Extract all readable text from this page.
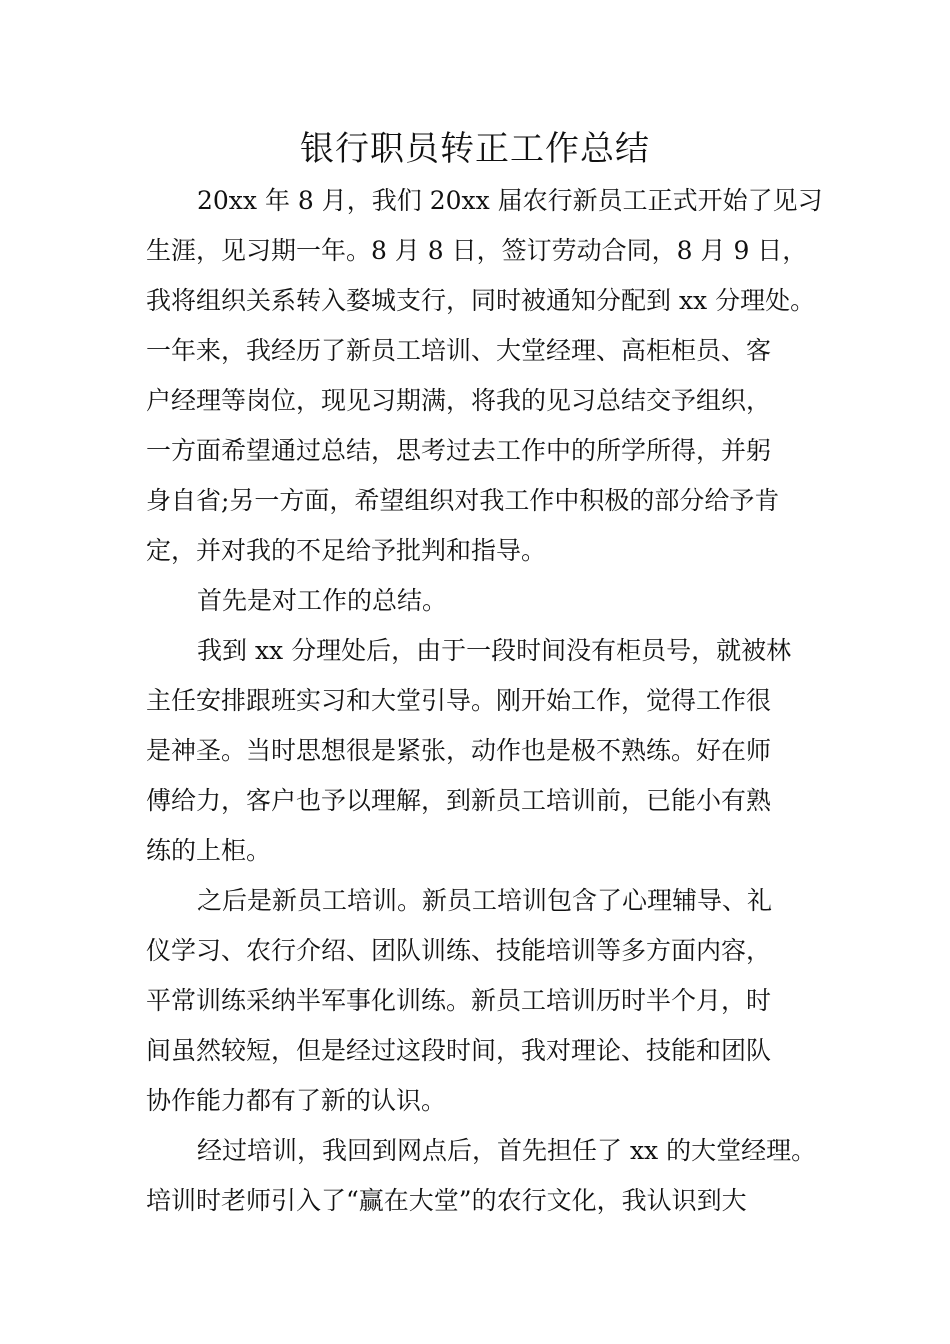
银行职员转正工作总结
20xx 年 8 月，我们 20xx 届农行新员工正式开始了见习
生涯，见习期一年。8 月 8 日，签订劳动合同，8 月 9 日，
我将组织关系转入婺城支行，同时被通知分配到 xx 分理处。
一年来，我经历了新员工培训、大堂经理、高柜柜员、客
户经理等岗位，现见习期满，将我的见习总结交予组织，
一方面希望通过总结，思考过去工作中的所学所得，并躬
身自省;另一方面，希望组织对我工作中积极的部分给予肯
定，并对我的不足给予批判和指导。
首先是对工作的总结。
我到 xx 分理处后，由于一段时间没有柜员号，就被林
主任安排跟班实习和大堂引导。刚开始工作，觉得工作很
是神圣。当时思想很是紧张，动作也是极不熟练。好在师
傅给力，客户也予以理解，到新员工培训前，已能小有熟
练的上柜。
之后是新员工培训。新员工培训包含了心理辅导、礼
仪学习、农行介绍、团队训练、技能培训等多方面内容，
平常训练采纳半军事化训练。新员工培训历时半个月，时
间虽然较短，但是经过这段时间，我对理论、技能和团队
协作能力都有了新的认识。
经过培训，我回到网点后，首先担任了 xx 的大堂经理。
培训时老师引入了“赢在大堂”的农行文化，我认识到大
